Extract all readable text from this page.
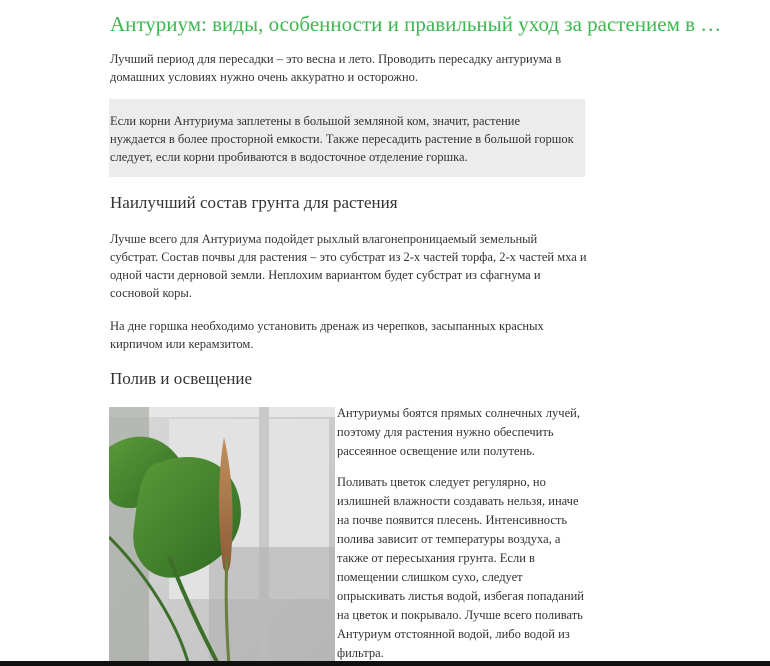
Антуриум: виды, особенности и правильный уход за растением в …
Лучший период для пересадки – это весна и лето. Проводить пересадку антуриума в домашних условиях нужно очень аккуратно и осторожно.
Если корни Антуриума заплетены в большой земляной ком, значит, растение нуждается в более просторной емкости. Также пересадить растение в большой горшок следует, если корни пробиваются в водосточное отделение горшка.
Наилучший состав грунта для растения
Лучше всего для Антуриума подойдет рыхлый влагонепроницаемый земельный субстрат. Состав почвы для растения – это субстрат из 2-х частей торфа, 2-х частей мха и одной части дерновой земли. Неплохим вариантом будет субстрат из сфагнума и сосновой коры.
На дне горшка необходимо установить дренаж из черепков, засыпанных красных кирпичом или керамзитом.
Полив и освещение
Антуриумы боятся прямых солнечных лучей, поэтому для растения нужно обеспечить рассеянное освещение или полутень.
Поливать цветок следует регулярно, но излишней влажности создавать нельзя, иначе на почве появится плесень. Интенсивность полива зависит от температуры воздуха, а также от пересыхания грунта. Если в помещении слишком сухо, следует опрыскивать листья водой, избегая попаданий на цветок и покрывало. Лучше всего поливать Антуриум отстоянной водой, либо водой из фильтра.
